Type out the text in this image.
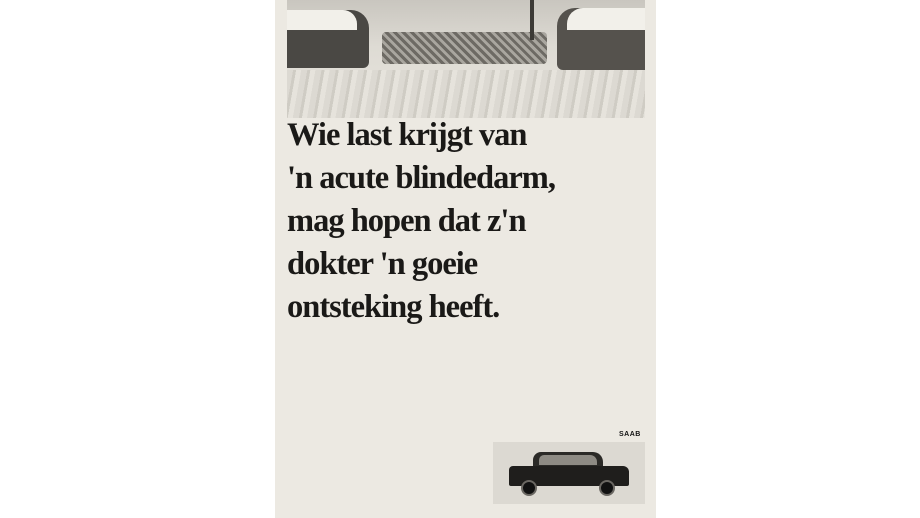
Wie last krijgt van
'n acute blindedarm,
mag hopen dat z'n
dokter 'n goeie
ontsteking heeft.
SAAB
